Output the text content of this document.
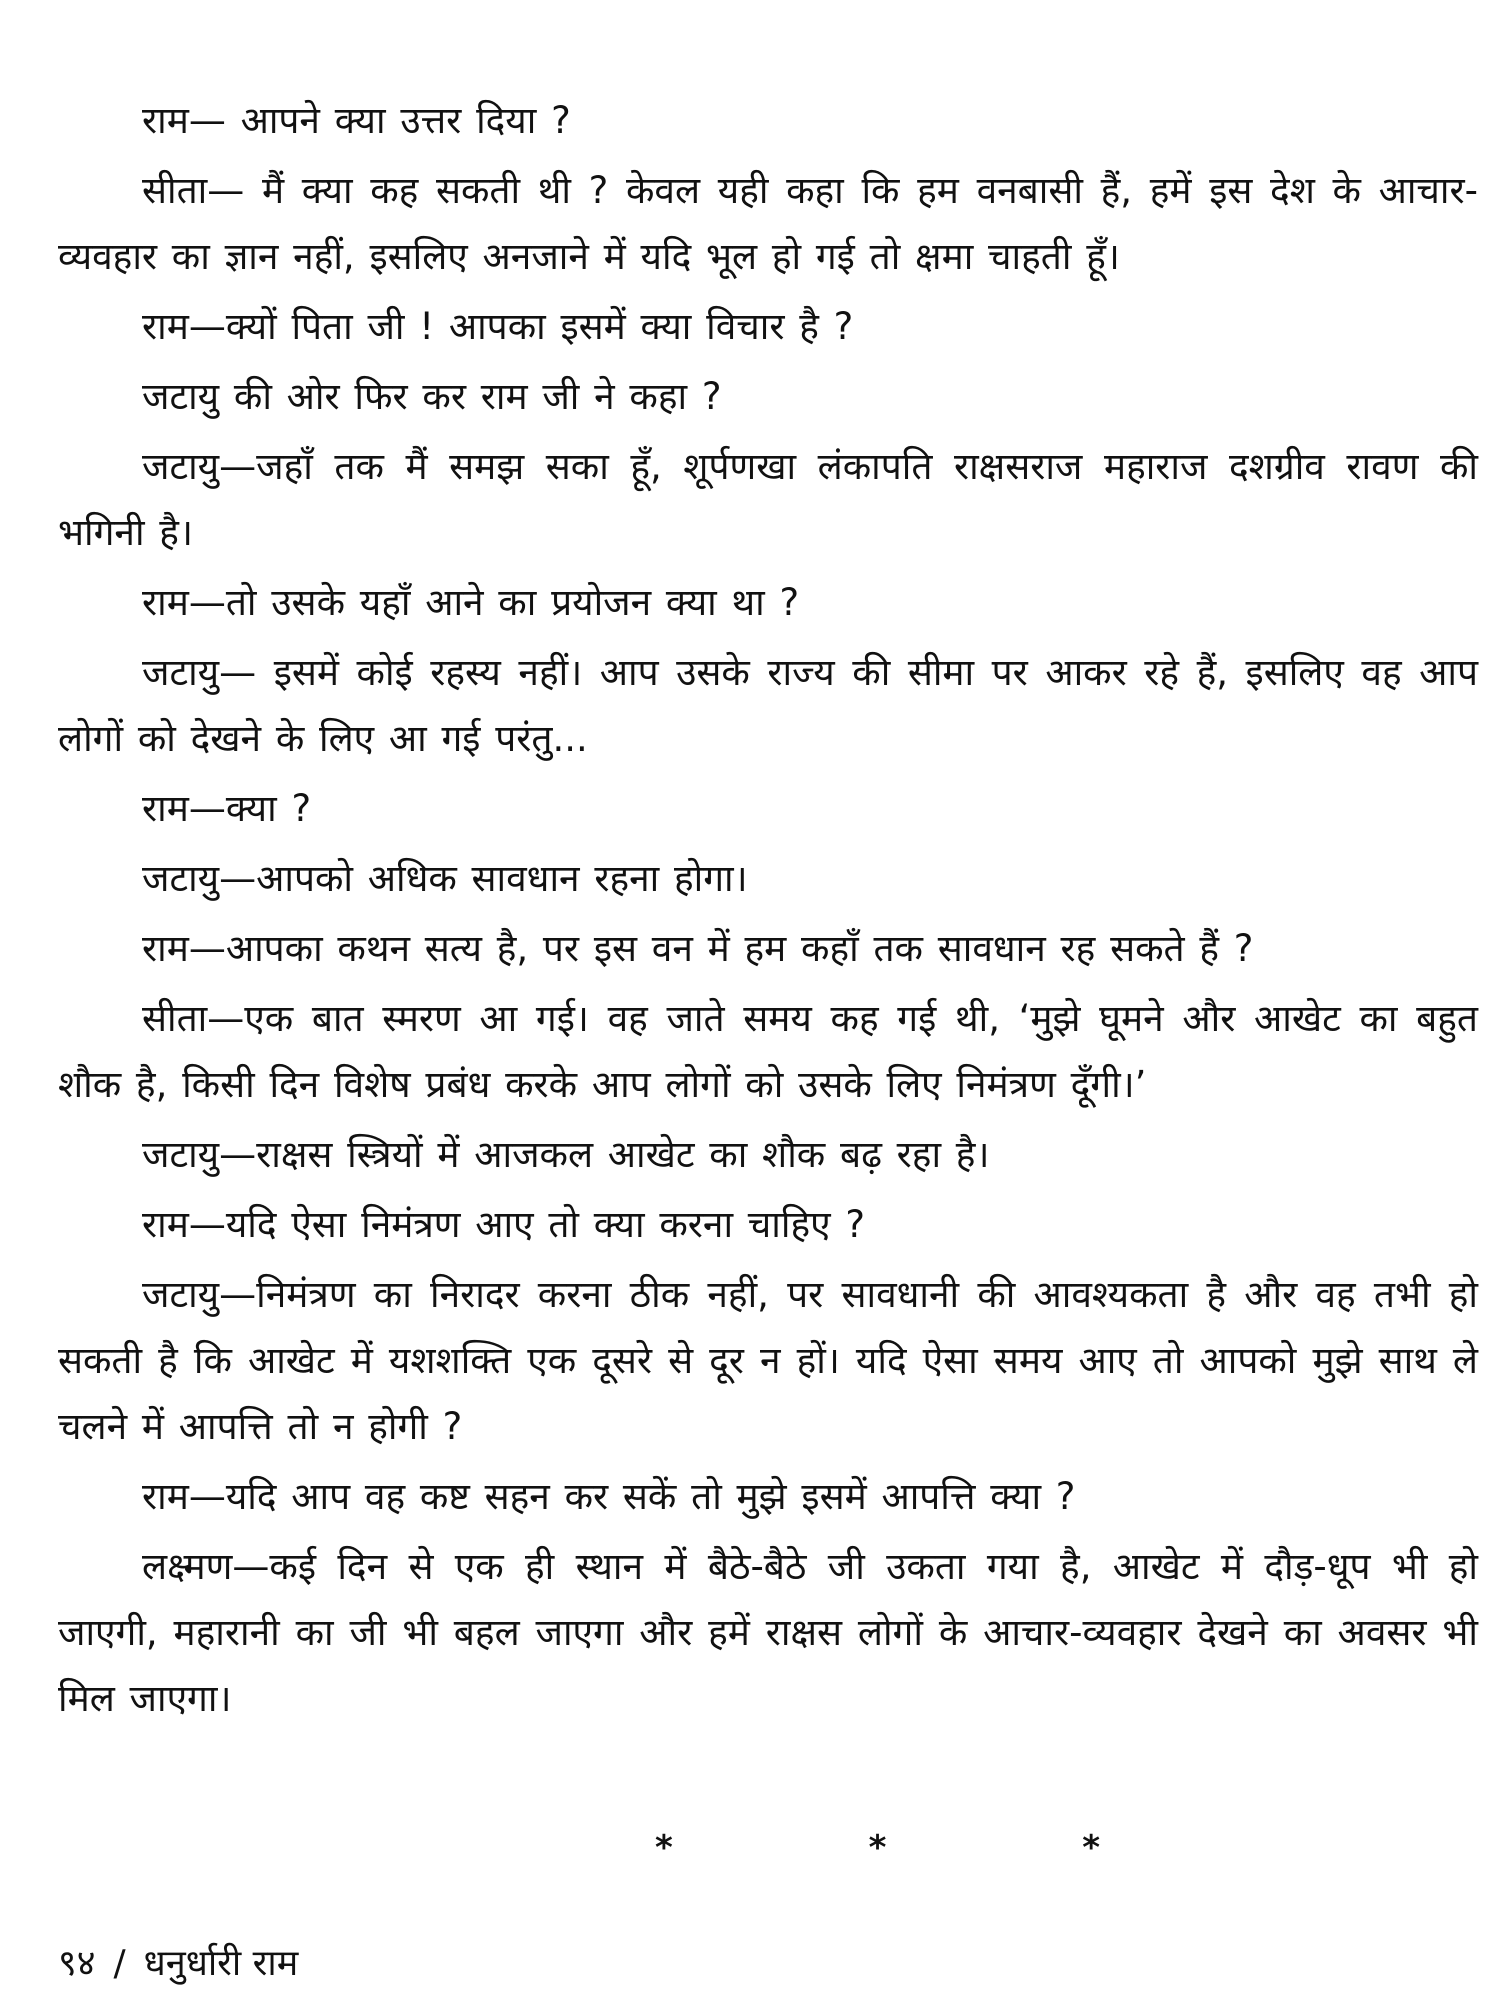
राम— आपने क्या उत्तर दिया ?

सीता— मैं क्या कह सकती थी ? केवल यही कहा कि हम वनबासी हैं, हमें इस देश के आचार-व्यवहार का ज्ञान नहीं, इसलिए अनजाने में यदि भूल हो गई तो क्षमा चाहती हूँ।

राम—क्यों पिता जी ! आपका इसमें क्या विचार है ?

जटायु की ओर फिर कर राम जी ने कहा ?

जटायु—जहाँ तक मैं समझ सका हूँ, शूर्पणखा लंकापति राक्षसराज महाराज दशग्रीव रावण की भगिनी है।

राम—तो उसके यहाँ आने का प्रयोजन क्या था ?

जटायु— इसमें कोई रहस्य नहीं। आप उसके राज्य की सीमा पर आकर रहे हैं, इसलिए वह आप लोगों को देखने के लिए आ गई परंतु...

राम—क्या ?

जटायु—आपको अधिक सावधान रहना होगा।

राम—आपका कथन सत्य है, पर इस वन में हम कहाँ तक सावधान रह सकते हैं ?

सीता—एक बात स्मरण आ गई। वह जाते समय कह गई थी, ‘मुझे घूमने और आखेट का बहुत शौक है, किसी दिन विशेष प्रबंध करके आप लोगों को उसके लिए निमंत्रण दूँगी।’

जटायु—राक्षस स्त्रियों में आजकल आखेट का शौक बढ़ रहा है।

राम—यदि ऐसा निमंत्रण आए तो क्या करना चाहिए ?

जटायु—निमंत्रण का निरादर करना ठीक नहीं, पर सावधानी की आवश्यकता है और वह तभी हो सकती है कि आखेट में यशशक्ति एक दूसरे से दूर न हों। यदि ऐसा समय आए तो आपको मुझे साथ ले चलने में आपत्ति तो न होगी ?

राम—यदि आप वह कष्ट सहन कर सकें तो मुझे इसमें आपत्ति क्या ?

लक्ष्मण—कई दिन से एक ही स्थान में बैठे-बैठे जी उकता गया है, आखेट में दौड़-धूप भी हो जाएगी, महारानी का जी भी बहल जाएगा और हमें राक्षस लोगों के आचार-व्यवहार देखने का अवसर भी मिल जाएगा।

* * *
९४ / धनुर्धारी राम
